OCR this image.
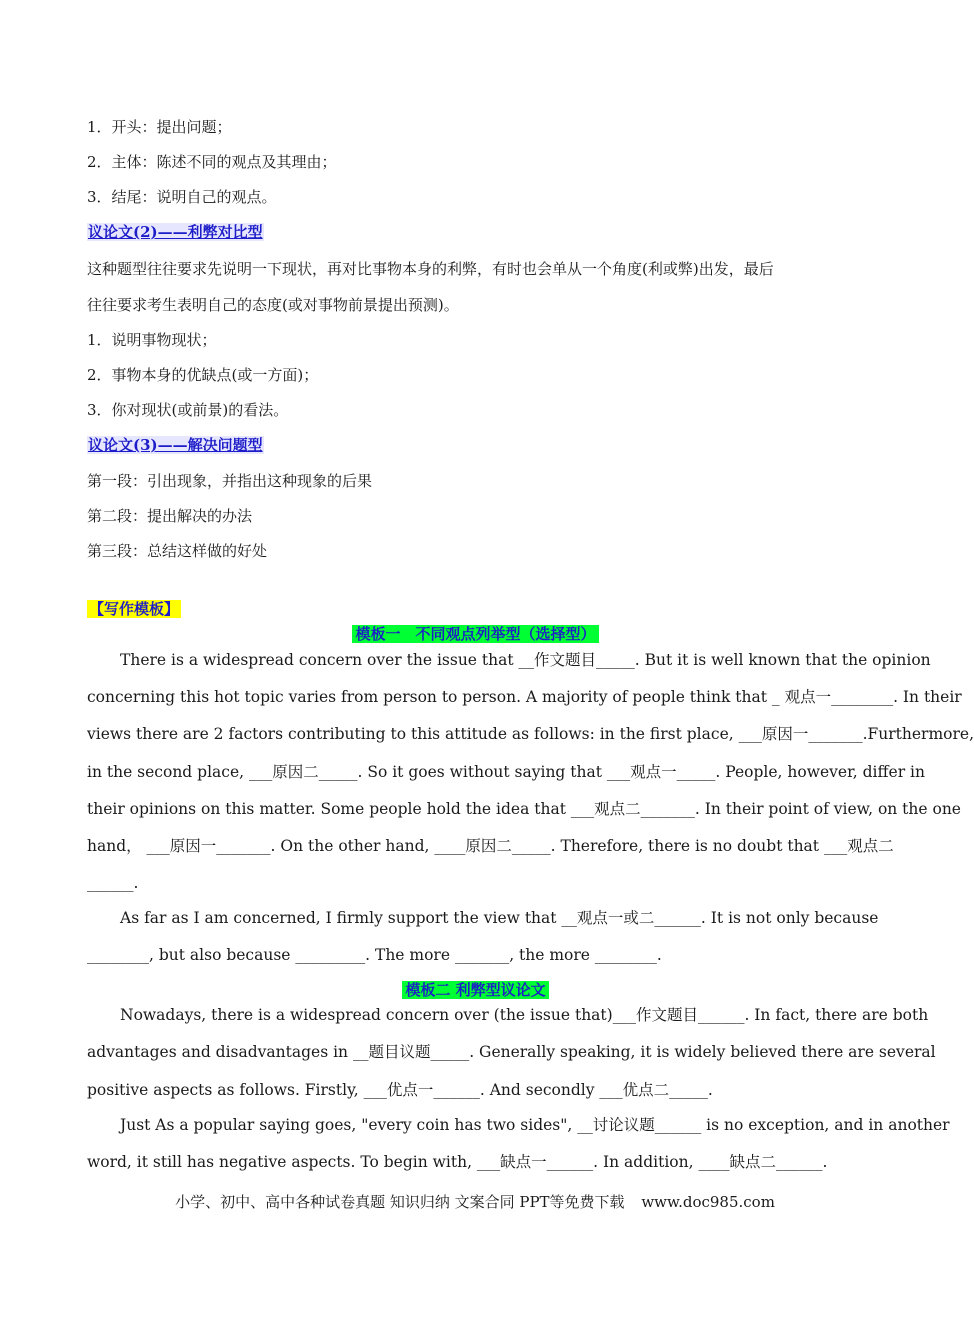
1．开头：提出问题；
2．主体：陈述不同的观点及其理由；
3．结尾：说明自己的观点。
议论文(2)——利弊对比型
这种题型往往要求先说明一下现状，再对比事物本身的利弊，有时也会单从一个角度(利或弊)出发，最后
往往要求考生表明自己的态度(或对事物前景提出预测)。
1．说明事物现状；
2．事物本身的优缺点(或一方面)；
3．你对现状(或前景)的看法。
议论文(3)——解决问题型
第一段：引出现象，并指出这种现象的后果
第二段：提出解决的办法
第三段：总结这样做的好处
【写作模板】
模板一　不同观点列举型（选择型）
There is a widespread concern over the issue that __作文题目_____. But it is well known that the opinion
concerning this hot topic varies from person to person. A majority of people think that _ 观点一________. In their
views there are 2 factors contributing to this attitude as follows: in the first place, ___原因一_______.Furthermore,
in the second place, ___原因二_____. So it goes without saying that ___观点一_____. People, however, differ in
their opinions on this matter. Some people hold the idea that ___观点二_______. In their point of view, on the one
hand， ___原因一_______. On the other hand, ____原因二_____. Therefore, there is no doubt that ___观点二
______.
As far as I am concerned, I firmly support the view that __观点一或二______. It is not only because
________, but also because _________. The more _______, the more ________.
模板二 利弊型议论文
Nowadays, there is a widespread concern over (the issue that)___作文题目______. In fact, there are both
advantages and disadvantages in __题目议题_____. Generally speaking, it is widely believed there are several
positive aspects as follows. Firstly, ___优点一______. And secondly ___优点二_____.
Just As a popular saying goes, "every coin has two sides", __讨论议题______ is no exception, and in another
word, it still has negative aspects. To begin with, ___缺点一______. In addition, ____缺点二______.
小学、初中、高中各种试卷真题 知识归纳 文案合同 PPT等免费下载 www.doc985.com
